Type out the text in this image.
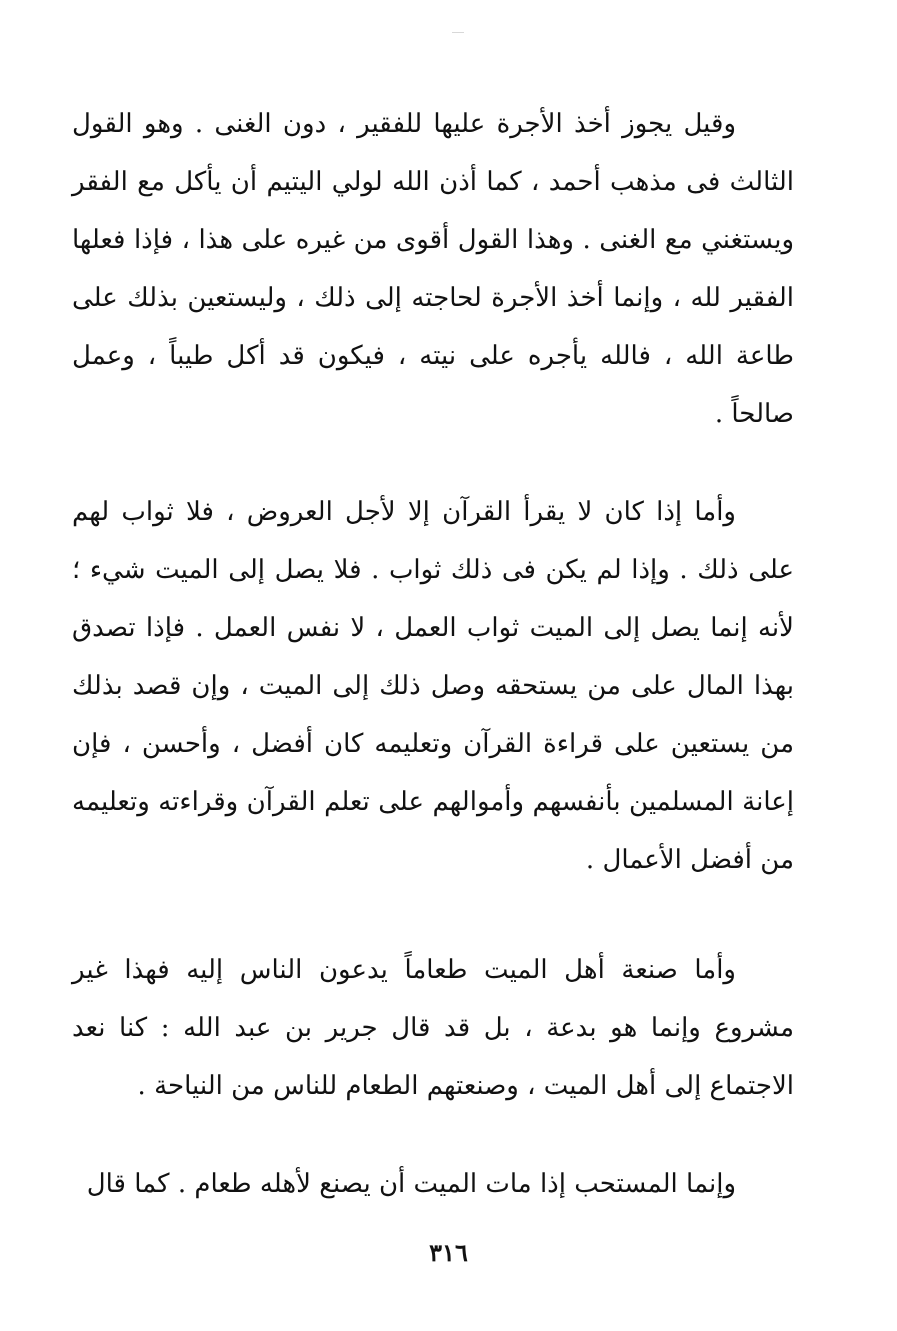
وقيل يجوز أخذ الأجرة عليها للفقير ، دون الغنى . وهو القول الثالث فى مذهب أحمد ، كما أذن الله لولي اليتيم أن يأكل مع الفقر ويستغني مع الغنى . وهذا القول أقوى من غيره على هذا ، فإذا فعلها الفقير لله ، وإنما أخذ الأجرة لحاجته إلى ذلك ، وليستعين بذلك على طاعة الله ، فالله يأجره على نيته ، فيكون قد أكل طيباً ، وعمل صالحاً .

وأما إذا كان لا يقرأ القرآن إلا لأجل العروض ، فلا ثواب لهم على ذلك . وإذا لم يكن فى ذلك ثواب . فلا يصل إلى الميت شيء ؛ لأنه إنما يصل إلى الميت ثواب العمل ، لا نفس العمل . فإذا تصدق بهذا المال على من يستحقه وصل ذلك إلى الميت ، وإن قصد بذلك من يستعين على قراءة القرآن وتعليمه كان أفضل ، وأحسن ، فإن إعانة المسلمين بأنفسهم وأموالهم على تعلم القرآن وقراءته وتعليمه من أفضل الأعمال .

وأما صنعة أهل الميت طعاماً يدعون الناس إليه فهذا غير مشروع وإنما هو بدعة ، بل قد قال جرير بن عبد الله : كنا نعد الاجتماع إلى أهل الميت ، وصنعتهم الطعام للناس من النياحة .

وإنما المستحب إذا مات الميت أن يصنع لأهله طعام . كما قال

٣١٦
